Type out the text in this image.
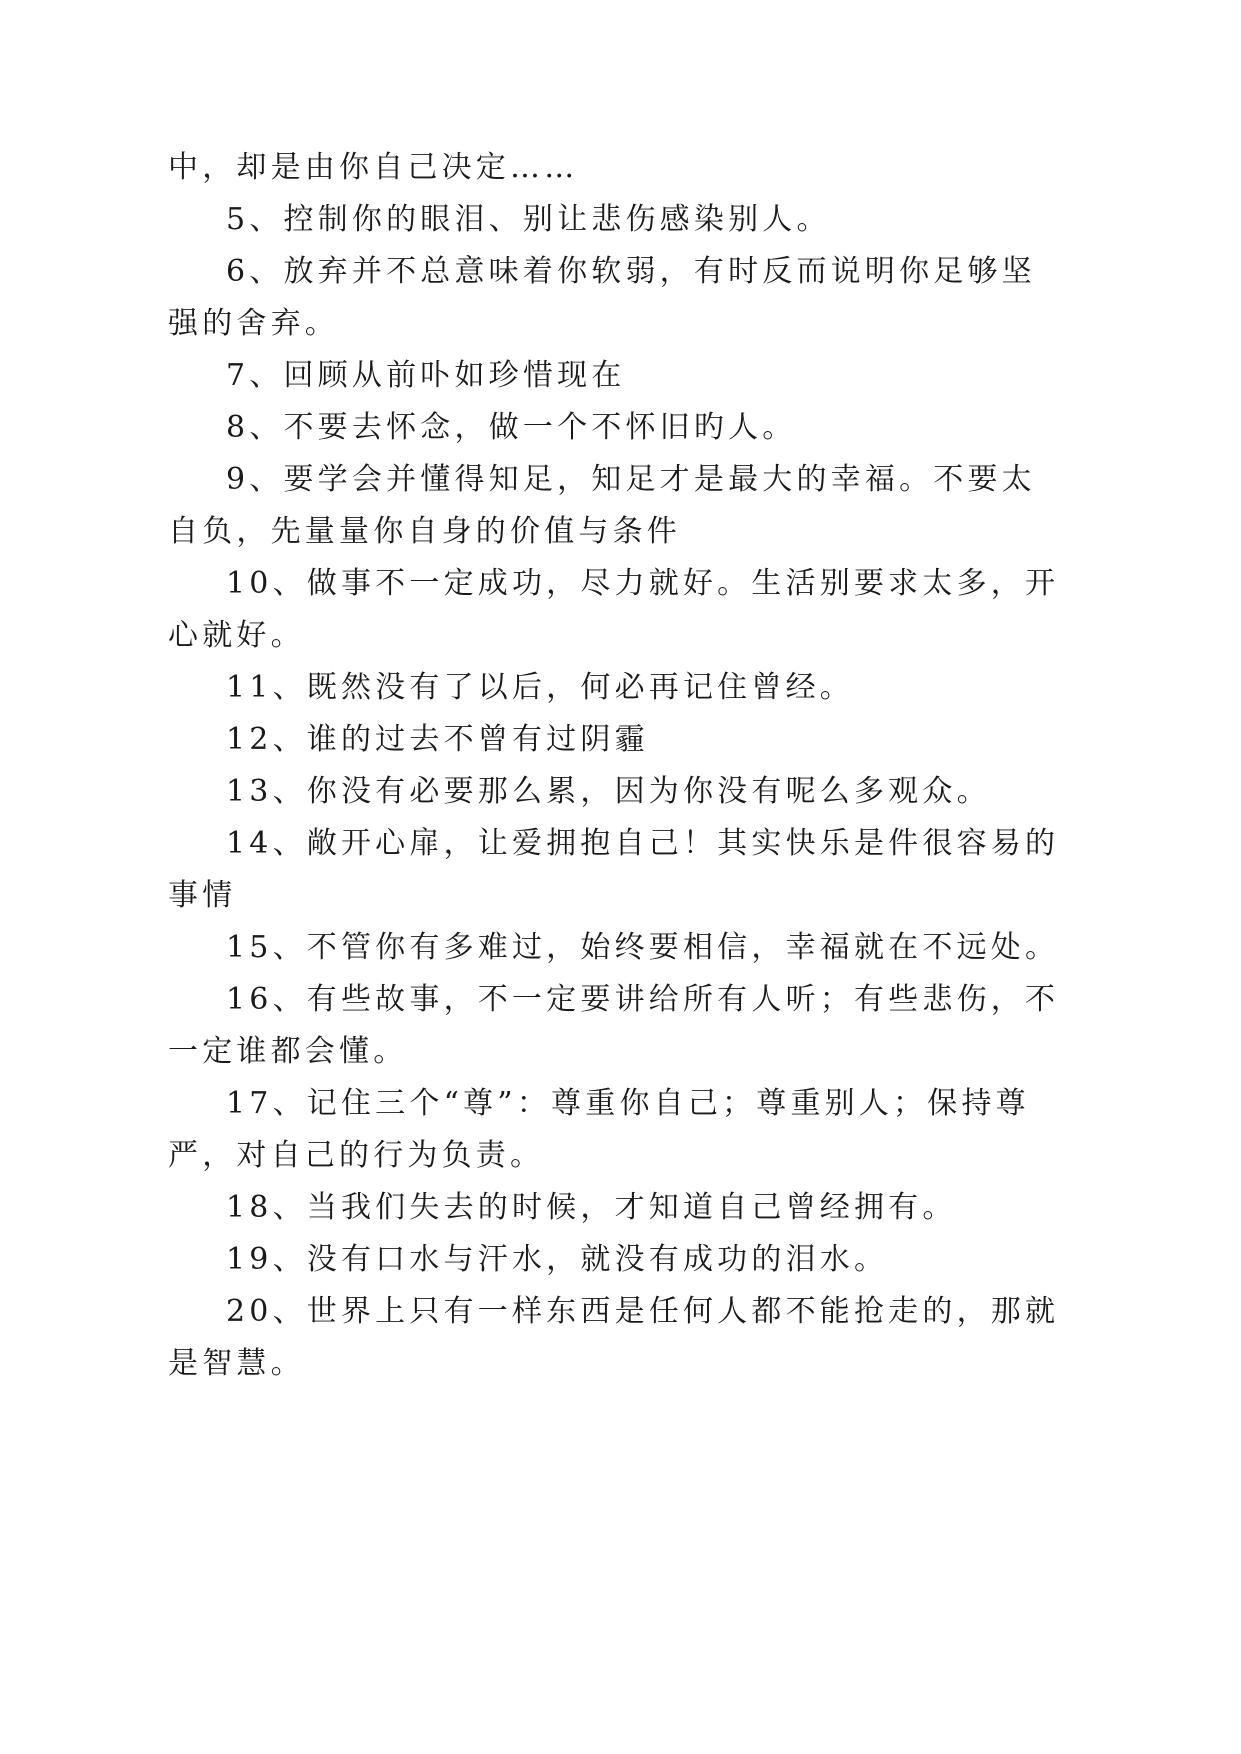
中，却是由你自己决定……
5、控制你的眼泪、别让悲伤感染别人。
6、放弃并不总意味着你软弱，有时反而说明你足够坚
强的舍弃。
7、回顾从前卟如珍惜现在
8、不要去怀念，做一个不怀旧旳人。
9、要学会并懂得知足，知足才是最大的幸福。不要太
自负，先量量你自身的价值与条件
10、做事不一定成功，尽力就好。生活别要求太多，开
心就好。
11、既然没有了以后，何必再记住曾经。
12、谁的过去不曾有过阴霾
13、你没有必要那么累，因为你没有呢么多观众。
14、敞开心扉，让爱拥抱自己！其实快乐是件很容易的
事情
15、不管你有多难过，始终要相信，幸福就在不远处。
16、有些故事，不一定要讲给所有人听；有些悲伤，不
一定谁都会懂。
17、记住三个“尊”：尊重你自己；尊重别人；保持尊
严，对自己的行为负责。
18、当我们失去的时候，才知道自己曾经拥有。
19、没有口水与汗水，就没有成功的泪水。
20、世界上只有一样东西是任何人都不能抢走的，那就
是智慧。
